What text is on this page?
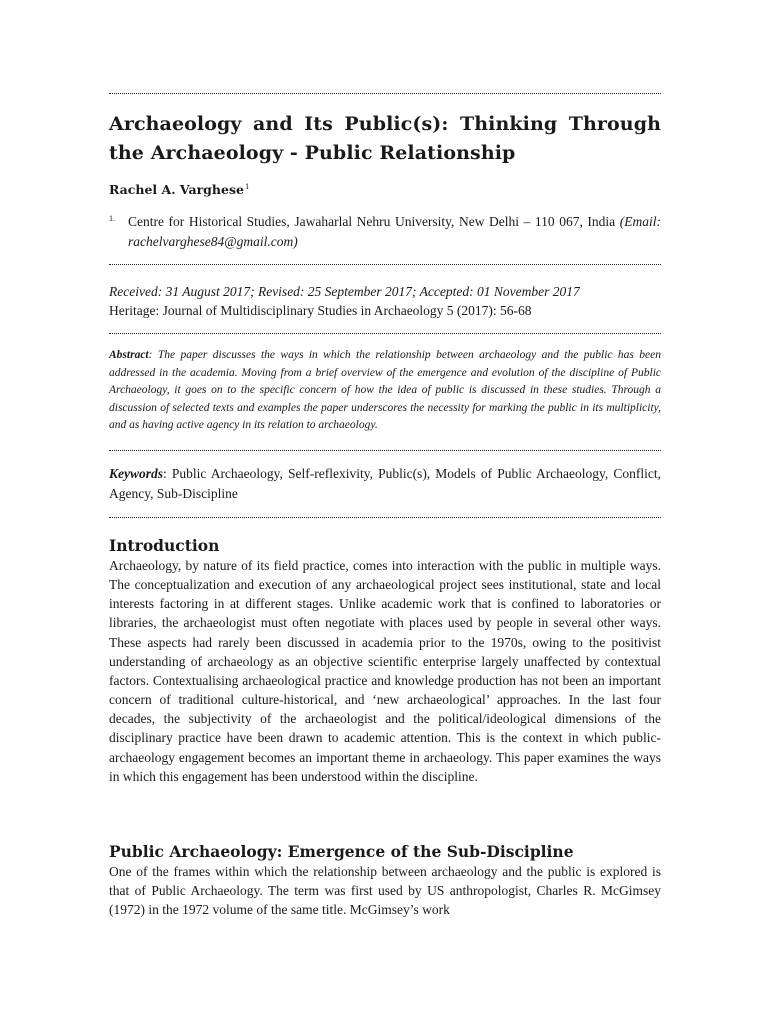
Archaeology and Its Public(s): Thinking Through the Archaeology - Public Relationship

Rachel A. Varghese$^1$

1. Centre for Historical Studies, Jawaharlal Nehru University, New Delhi – 110 067, India (Email: rachelvarghese84@gmail.com)

Received: 31 August 2017; Revised: 25 September 2017; Accepted: 01 November 2017

Heritage: Journal of Multidisciplinary Studies in Archaeology 5 (2017): 56-68

Abstract: The paper discusses the ways in which the relationship between archaeology and the public has been addressed in the academia. Moving from a brief overview of the emergence and evolution of the discipline of Public Archaeology, it goes on to the specific concern of how the idea of public is discussed in these studies. Through a discussion of selected texts and examples the paper underscores the necessity for marking the public in its multiplicity, and as having active agency in its relation to archaeology.

Keywords: Public Archaeology, Self-reflexivity, Public(s), Models of Public Archaeology, Conflict, Agency, Sub-Discipline

Introduction

Archaeology, by nature of its field practice, comes into interaction with the public in multiple ways. The conceptualization and execution of any archaeological project sees institutional, state and local interests factoring in at different stages. Unlike academic work that is confined to laboratories or libraries, the archaeologist must often negotiate with places used by people in several other ways. These aspects had rarely been discussed in academia prior to the 1970s, owing to the positivist understanding of archaeology as an objective scientific enterprise largely unaffected by contextual factors. Contextualising archaeological practice and knowledge production has not been an important concern of traditional culture-historical, and ‘new archaeological’ approaches. In the last four decades, the subjectivity of the archaeologist and the political/ideological dimensions of the disciplinary practice have been drawn to academic attention. This is the context in which public-archaeology engagement becomes an important theme in archaeology. This paper examines the ways in which this engagement has been understood within the discipline.

Public Archaeology: Emergence of the Sub-Discipline

One of the frames within which the relationship between archaeology and the public is explored is that of Public Archaeology. The term was first used by US anthropologist, Charles R. McGimsey (1972) in the 1972 volume of the same title. McGimsey’s work
